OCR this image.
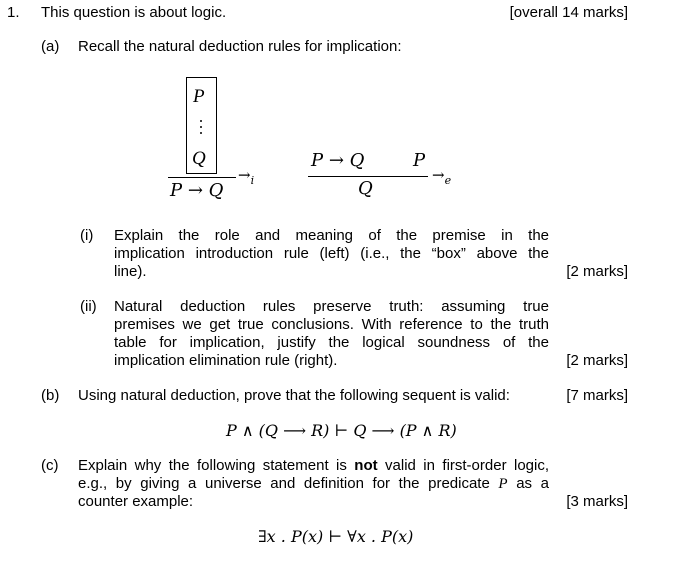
1. This question is about logic.	[overall 14 marks]
(a) Recall the natural deduction rules for implication:
P
Q
P → Q
$\to_i$
P → Q	P
Q
$\to_e$
(i) Explain the role and meaning of the premise in the
implication introduction rule (left) (i.e., the “box” above the
line).	[2 marks]
(ii) Natural deduction rules preserve truth: assuming true
premises we get true conclusions. With reference to the truth
table for implication, justify the logical soundness of the
implication elimination rule (right).	[2 marks]
(b) Using natural deduction, prove that the following sequent is valid:	[7 marks]
P ∧ (Q ⟶ R) ⊢ Q ⟶ (P ∧ R)
(c) Explain why the following statement is not valid in first-order logic,
e.g., by giving a universe and definition for the predicate P as a
counter example:	[3 marks]
∃x . P(x) ⊢ ∀x . P(x)
